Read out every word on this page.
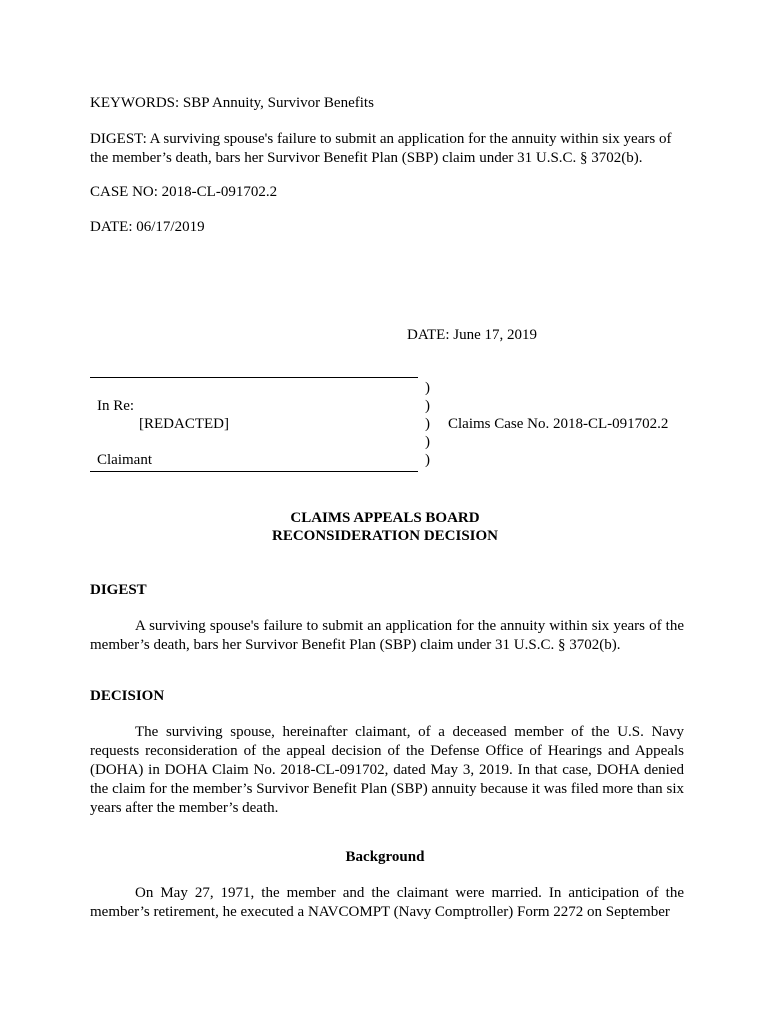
KEYWORDS: SBP Annuity, Survivor Benefits
DIGEST: A surviving spouse's failure to submit an application for the annuity within six years of the member’s death, bars her Survivor Benefit Plan (SBP) claim under 31 U.S.C. § 3702(b).
CASE NO: 2018-CL-091702.2
DATE: 06/17/2019
DATE: June 17, 2019
In Re:
[REDACTED]
Claimant
)
)
)
)
)
Claims Case No. 2018-CL-091702.2
CLAIMS APPEALS BOARD
RECONSIDERATION DECISION
DIGEST
A surviving spouse's failure to submit an application for the annuity within six years of the member’s death, bars her Survivor Benefit Plan (SBP) claim under 31 U.S.C. § 3702(b).
DECISION
The surviving spouse, hereinafter claimant, of a deceased member of the U.S. Navy requests reconsideration of the appeal decision of the Defense Office of Hearings and Appeals (DOHA) in DOHA Claim No. 2018-CL-091702, dated May 3, 2019. In that case, DOHA denied the claim for the member’s Survivor Benefit Plan (SBP) annuity because it was filed more than six years after the member’s death.
Background
On May 27, 1971, the member and the claimant were married. In anticipation of the member’s retirement, he executed a NAVCOMPT (Navy Comptroller) Form 2272 on September
